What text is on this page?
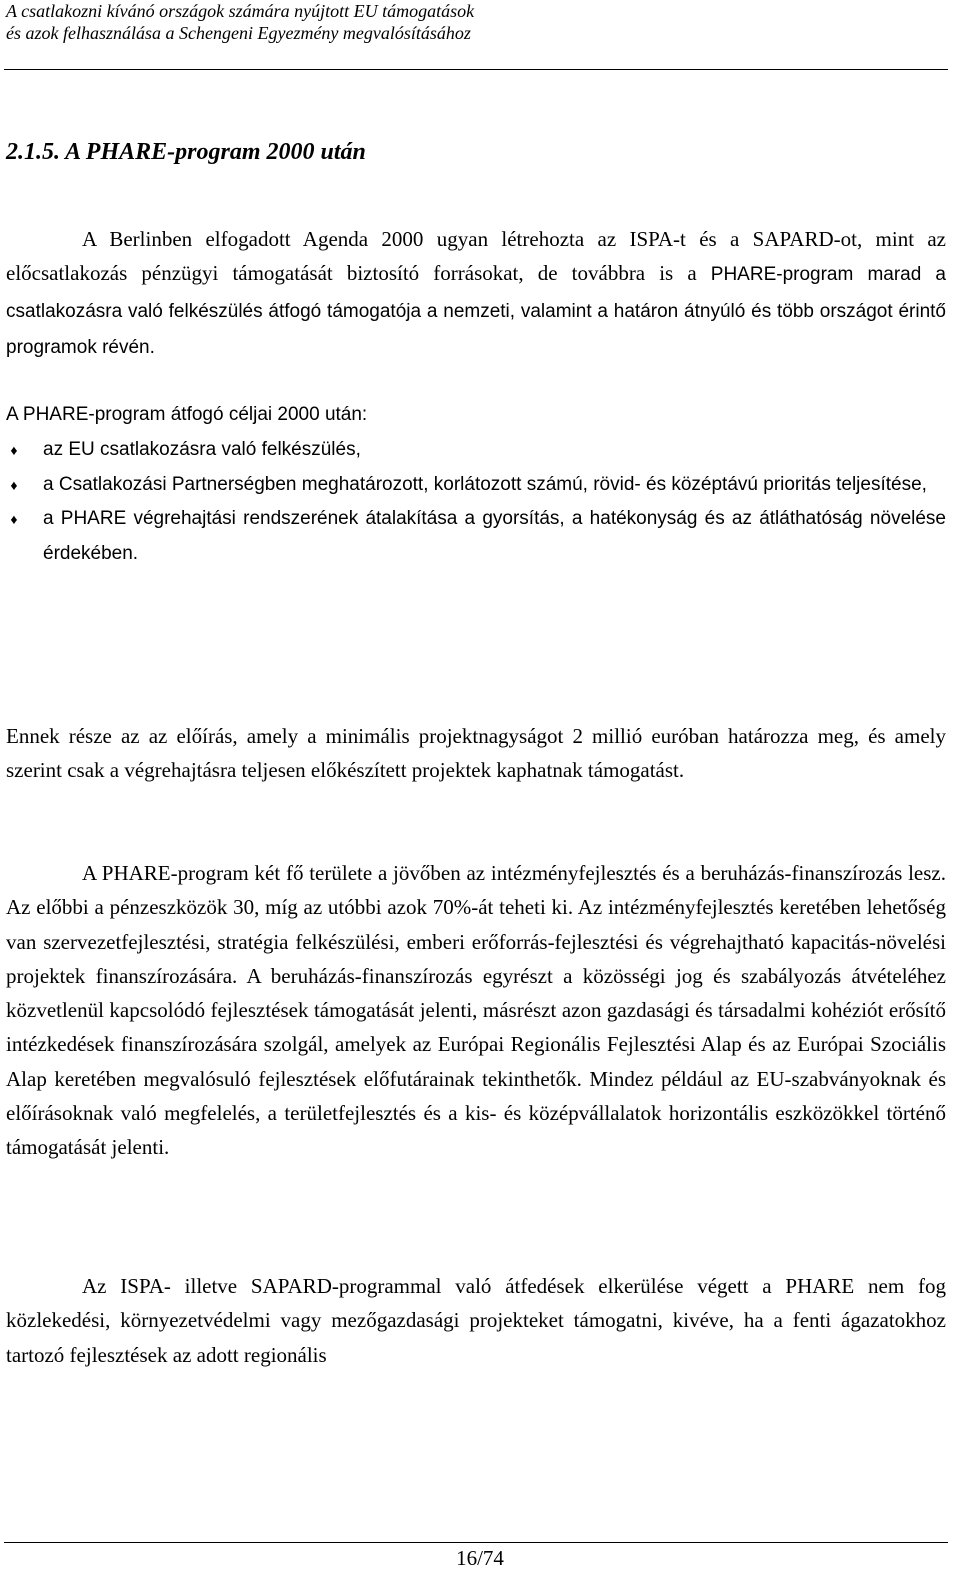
A csatlakozni kívánó országok számára nyújtott EU támogatások
és azok felhasználása a Schengeni Egyezmény megvalósításához
2.1.5. A PHARE-program 2000 után
A Berlinben elfogadott Agenda 2000 ugyan létrehozta az ISPA-t és a SAPARD-ot, mint az előcsatlakozás pénzügyi támogatását biztosító forrásokat, de továbbra is a PHARE-program marad a csatlakozásra való felkészülés átfogó támogatója a nemzeti, valamint a határon átnyúló és több országot érintő programok révén.
A PHARE-program átfogó céljai 2000 után:
♦ az EU csatlakozásra való felkészülés,
♦ a Csatlakozási Partnerségben meghatározott, korlátozott számú, rövid- és középtávú prioritás teljesítése,
♦ a PHARE végrehajtási rendszerének átalakítása a gyorsítás, a hatékonyság és az átláthatóság növelése érdekében.
Ennek része az az előírás, amely a minimális projektnagyságot 2 millió euróban határozza meg, és amely szerint csak a végrehajtásra teljesen előkészített projektek kaphatnak támogatást.
A PHARE-program két fő területe a jövőben az intézményfejlesztés és a beruházás-finanszírozás lesz. Az előbbi a pénzeszközök 30, míg az utóbbi azok 70%-át teheti ki. Az intézményfejlesztés keretében lehetőség van szervezetfejlesztési, stratégia felkészülési, emberi erőforrás-fejlesztési és végrehajtható kapacitás-növelési projektek finanszírozására. A beruházás-finanszírozás egyrészt a közösségi jog és szabályozás átvételéhez közvetlenül kapcsolódó fejlesztések támogatását jelenti, másrészt azon gazdasági és társadalmi kohéziót erősítő intézkedések finanszírozására szolgál, amelyek az Európai Regionális Fejlesztési Alap és az Európai Szociális Alap keretében megvalósuló fejlesztések előfutárainak tekinthetők. Mindez például az EU-szabványoknak és előírásoknak való megfelelés, a területfejlesztés és a kis- és középvállalatok horizontális eszközökkel történő támogatását jelenti.
Az ISPA- illetve SAPARD-programmal való átfedések elkerülése végett a PHARE nem fog közlekedési, környezetvédelmi vagy mezőgazdasági projekteket támogatni, kivéve, ha a fenti ágazatokhoz tartozó fejlesztések az adott regionális
16/74
